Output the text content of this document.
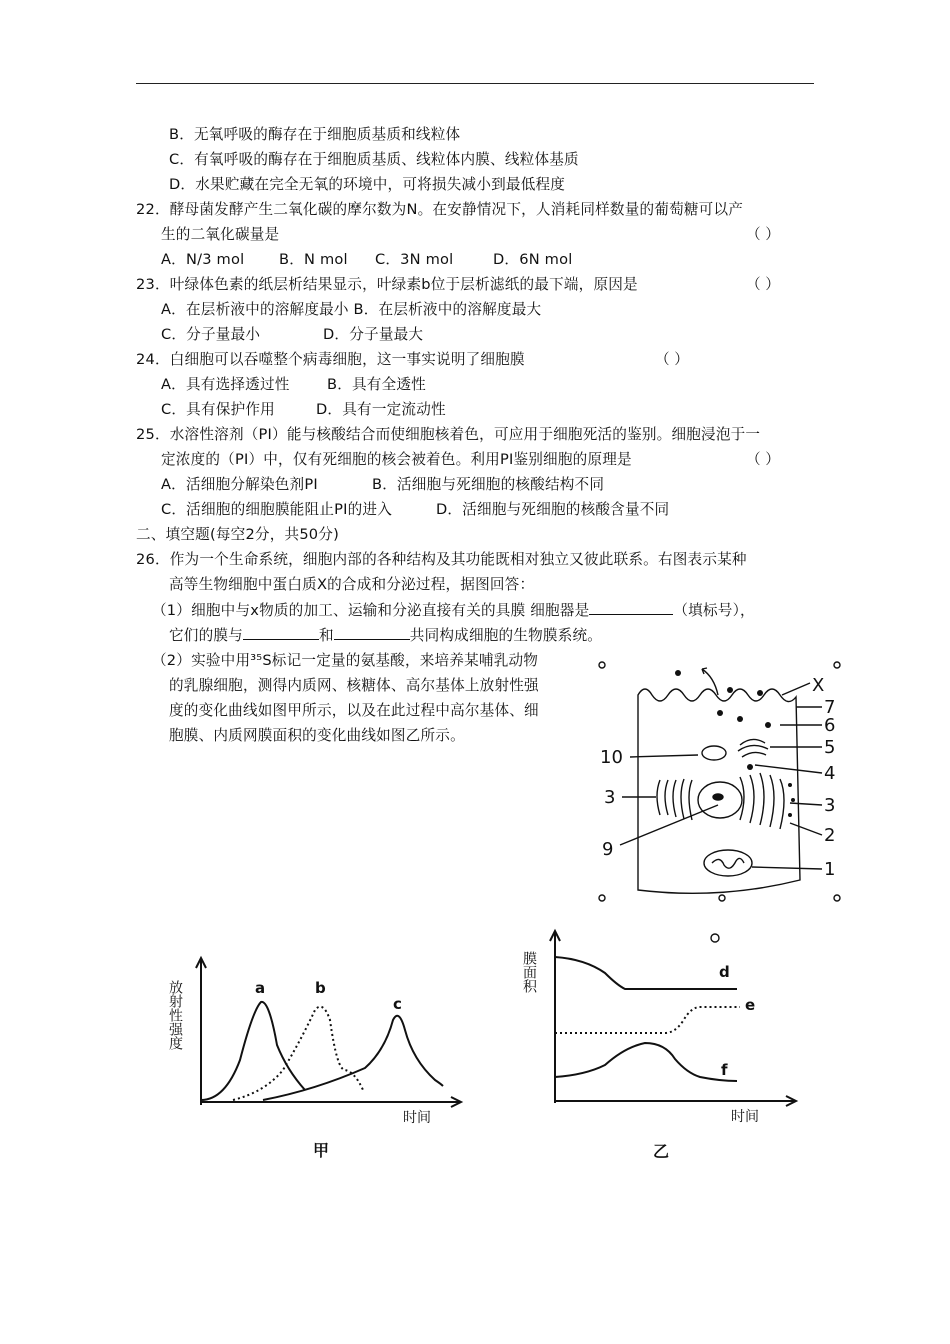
B．无氧呼吸的酶存在于细胞质基质和线粒体
C．有氧呼吸的酶存在于细胞质基质、线粒体内膜、线粒体基质
D．水果贮藏在完全无氧的环境中，可将损失减小到最低程度
22．酵母菌发酵产生二氧化碳的摩尔数为N。在安静情况下，人消耗同样数量的葡萄糖可以产
生的二氧化碳量是	（ ）
A．N/3 mol B．N mol C．3N mol	D．6N mol
23．叶绿体色素的纸层析结果显示，叶绿素b位于层析滤纸的最下端，原因是	（ ）
A．在层析液中的溶解度最小 B．在层析液中的溶解度最大
C．分子量最小	D．分子量最大
24．白细胞可以吞噬整个病毒细胞，这一事实说明了细胞膜	（ ）
A．具有选择透过性	B．具有全透性
C．具有保护作用	D．具有一定流动性
25．水溶性溶剂（PI）能与核酸结合而使细胞核着色，可应用于细胞死活的鉴别。细胞浸泡于一
定浓度的（PI）中，仅有死细胞的核会被着色。利用PI鉴别细胞的原理是	（ ）
A．活细胞分解染色剂PI	B．活细胞与死细胞的核酸结构不同
C．活细胞的细胞膜能阻止PI的进入	D．活细胞与死细胞的核酸含量不同
二、填空题(每空2分，共50分)
26．作为一个生命系统，细胞内部的各种结构及其功能既相对独立又彼此联系。右图表示某种
高等生物细胞中蛋白质X的合成和分泌过程，据图回答：
（1）细胞中与x物质的加工、运输和分泌直接有关的具膜 细胞器是	（填标号），
它们的膜与	和	共同构成细胞的生物膜系统。
（2）实验中用³⁵S标记一定量的氨基酸，来培养某哺乳动物
的乳腺细胞，测得内质网、核糖体、高尔基体上放射性强
度的变化曲线如图甲所示，以及在此过程中高尔基体、细
胞膜、内质网膜面积的变化曲线如图乙所示。
X
7
6
5
4
3
2
1
10
3
9
a	b
c
放射性强度
时间
甲
d
e
f
膜面积
时间
乙
